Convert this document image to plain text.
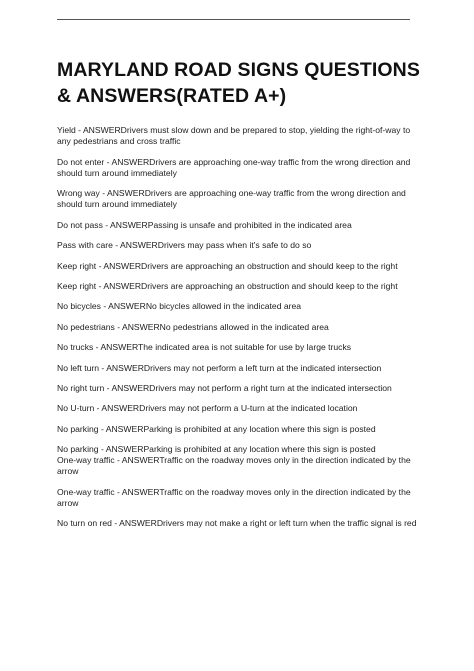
MARYLAND ROAD SIGNS QUESTIONS & ANSWERS(RATED A+)
Yield - ANSWERDrivers must slow down and be prepared to stop, yielding the right-of-way to any pedestrians and cross traffic
Do not enter - ANSWERDrivers are approaching one-way traffic from the wrong direction and should turn around immediately
Wrong way - ANSWERDrivers are approaching one-way traffic from the wrong direction and should turn around immediately
Do not pass - ANSWERPassing is unsafe and prohibited in the indicated area
Pass with care - ANSWERDrivers may pass when it's safe to do so
Keep right - ANSWERDrivers are approaching an obstruction and should keep to the right
Keep right - ANSWERDrivers are approaching an obstruction and should keep to the right
No bicycles - ANSWERNo bicycles allowed in the indicated area
No pedestrians - ANSWERNo pedestrians allowed in the indicated area
No trucks - ANSWERThe indicated area is not suitable for use by large trucks
No left turn - ANSWERDrivers may not perform a left turn at the indicated intersection
No right turn - ANSWERDrivers may not perform a right turn at the indicated intersection
No U-turn - ANSWERDrivers may not perform a U-turn at the indicated location
No parking - ANSWERParking is prohibited at any location where this sign is posted
No parking - ANSWERParking is prohibited at any location where this sign is posted
One-way traffic - ANSWERTraffic on the roadway moves only in the direction indicated by the arrow
One-way traffic - ANSWERTraffic on the roadway moves only in the direction indicated by the arrow
No turn on red - ANSWERDrivers may not make a right or left turn when the traffic signal is red
